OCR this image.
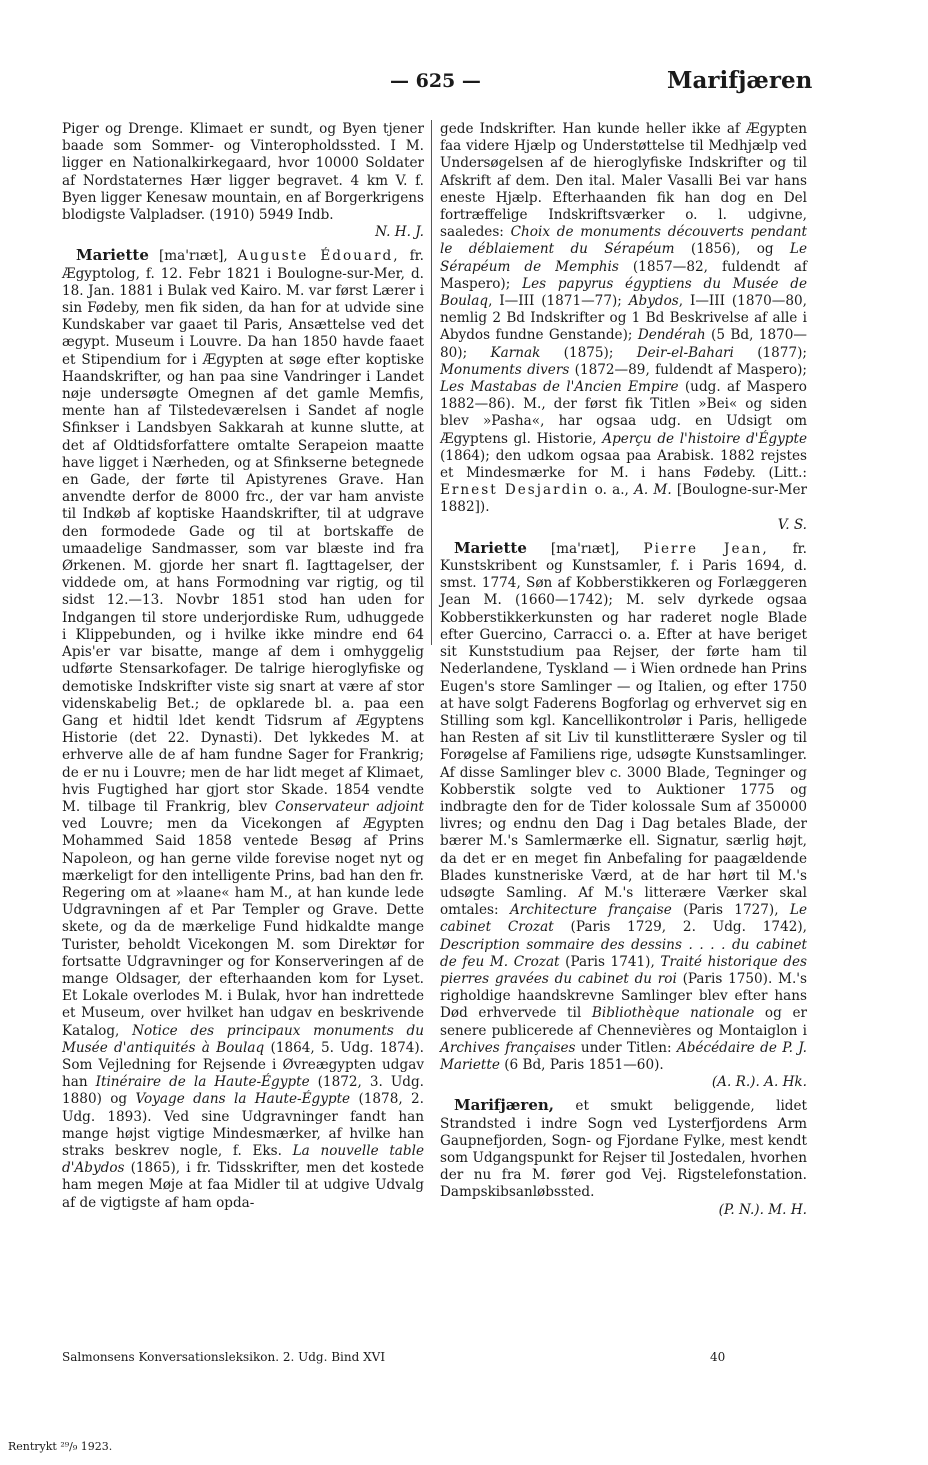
— 625 —	Marifjæren

Piger og Drenge. Klimaet er sundt, og Byen tjener baade som Sommer- og Vinteropholdssted. I M. ligger en Nationalkirkegaard, hvor 10000 Soldater af Nordstaternes Hær ligger begravet. 4 km V. f. Byen ligger Kenesaw mountain, en af Borgerkrigens blodigste Valpladser. (1910) 5949 Indb.

N. H. J.

Mariette [ma'rıæt], Auguste Édouard, fr. Ægyptolog, f. 12. Febr 1821 i Boulogne-sur-Mer, d. 18. Jan. 1881 i Bulak ved Kairo. M. var først Lærer i sin Fødeby, men fik siden, da han for at udvide sine Kundskaber var gaaet til Paris, Ansættelse ved det ægypt. Museum i Louvre. Da han 1850 havde faaet et Stipendium for i Ægypten at søge efter koptiske Haandskrifter, og han paa sine Vandringer i Landet nøje undersøgte Omegnen af det gamle Memfis, mente han af Tilstedeværelsen i Sandet af nogle Sfinkser i Landsbyen Sakkarah at kunne slutte, at det af Oldtidsforfattere omtalte Serapeion maatte have ligget i Nærheden, og at Sfinkserne betegnede en Gade, der førte til Apistyrenes Grave. Han anvendte derfor de 8000 frc., der var ham anviste til Indkøb af koptiske Haandskrifter, til at udgrave den formodede Gade og til at bortskaffe de umaadelige Sandmasser, som var blæste ind fra Ørkenen. M. gjorde her snart fl. Iagttagelser, der viddede om, at hans Formodning var rigtig, og til sidst 12.—13. Novbr 1851 stod han uden for Indgangen til store underjordiske Rum, udhuggede i Klippebunden, og i hvilke ikke mindre end 64 Apis'er var bisatte, mange af dem i omhyggelig udførte Stensarkofager. De talrige hieroglyfiske og demotiske Indskrifter viste sig snart at være af stor videnskabelig Bet.; de opklarede bl. a. paa een Gang et hidtil ldet kendt Tidsrum af Ægyptens Historie (det 22. Dynasti). Det lykkedes M. at erhverve alle de af ham fundne Sager for Frankrig; de er nu i Louvre; men de har lidt meget af Klimaet, hvis Fugtighed har gjort stor Skade. 1854 vendte M. tilbage til Frankrig, blev Conservateur adjoint ved Louvre; men da Vicekongen af Ægypten Mohammed Said 1858 ventede Besøg af Prins Napoleon, og han gerne vilde forevise noget nyt og mærkeligt for den intelligente Prins, bad han den fr. Regering om at »laane« ham M., at han kunde lede Udgravningen af et Par Templer og Grave. Dette skete, og da de mærkelige Fund hidkaldte mange Turister, beholdt Vicekongen M. som Direktør for fortsatte Udgravninger og for Konserveringen af de mange Oldsager, der efterhaanden kom for Lyset. Et Lokale overlodes M. i Bulak, hvor han indrettede et Museum, over hvilket han udgav en beskrivende Katalog, Notice des principaux monuments du Musée d'antiquités à Boulaq (1864, 5. Udg. 1874). Som Vejledning for Rejsende i Øvreægypten udgav han Itinéraire de la Haute-Égypte (1872, 3. Udg. 1880) og Voyage dans la Haute-Égypte (1878, 2. Udg. 1893). Ved sine Udgravninger fandt han mange højst vigtige Mindesmærker, af hvilke han straks beskrev nogle, f. Eks. La nouvelle table d'Abydos (1865), i fr. Tidsskrifter, men det kostede ham megen Møje at faa Midler til at udgive Udvalg af de vigtigste af ham opda-

gede Indskrifter. Han kunde heller ikke af Ægypten faa videre Hjælp og Understøttelse til Medhjælp ved Undersøgelsen af de hieroglyfiske Indskrifter og til Afskrift af dem. Den ital. Maler Vasalli Bei var hans eneste Hjælp. Efterhaanden fik han dog en Del fortræffelige Indskriftsværker o. l. udgivne, saaledes: Choix de monuments découverts pendant le déblaiement du Sérapéum (1856), og Le Sérapéum de Memphis (1857—82, fuldendt af Maspero); Les papyrus égyptiens du Musée de Boulaq, I—III (1871—77); Abydos, I—III (1870—80, nemlig 2 Bd Indskrifter og 1 Bd Beskrivelse af alle i Abydos fundne Genstande); Dendérah (5 Bd, 1870—80); Karnak (1875); Deir-el-Bahari (1877); Monuments divers (1872—89, fuldendt af Maspero); Les Mastabas de l'Ancien Empire (udg. af Maspero 1882—86). M., der først fik Titlen »Bei« og siden blev »Pasha«, har ogsaa udg. en Udsigt om Ægyptens gl. Historie, Aperçu de l'histoire d'Égypte (1864); den udkom ogsaa paa Arabisk. 1882 rejstes et Mindesmærke for M. i hans Fødeby. (Litt.: Ernest Desjardin o. a., A. M. [Boulogne-sur-Mer 1882]).

V. S.

Mariette [ma'rıæt], Pierre Jean, fr. Kunstskribent og Kunstsamler, f. i Paris 1694, d. smst. 1774, Søn af Kobberstikkeren og Forlæggeren Jean M. (1660—1742); M. selv dyrkede ogsaa Kobberstikkerkunsten og har raderet nogle Blade efter Guercino, Carracci o. a. Efter at have beriget sit Kunststudium paa Rejser, der førte ham til Nederlandene, Tyskland — i Wien ordnede han Prins Eugen's store Samlinger — og Italien, og efter 1750 at have solgt Faderens Bogforlag og erhvervet sig en Stilling som kgl. Kancellikontrolør i Paris, helligede han Resten af sit Liv til kunstlitterære Sysler og til Forøgelse af Familiens rige, udsøgte Kunstsamlinger. Af disse Samlinger blev c. 3000 Blade, Tegninger og Kobberstik solgte ved to Auktioner 1775 og indbragte den for de Tider kolossale Sum af 350000 livres; og endnu den Dag i Dag betales Blade, der bærer M.'s Samlermærke ell. Signatur, særlig højt, da det er en meget fin Anbefaling for paagældende Blades kunstneriske Værd, at de har hørt til M.'s udsøgte Samling. Af M.'s litterære Værker skal omtales: Architecture française (Paris 1727), Le cabinet Crozat (Paris 1729, 2. Udg. 1742), Description sommaire des dessins . . . . du cabinet de feu M. Crozat (Paris 1741), Traité historique des pierres gravées du cabinet du roi (Paris 1750). M.'s righoldige haandskrevne Samlinger blev efter hans Død erhvervede til Bibliothèque nationale og er senere publicerede af Chennevières og Montaiglon i Archives françaises under Titlen: Abécédaire de P. J. Mariette (6 Bd, Paris 1851—60).

(A. R.). A. Hk.

Marifjæren, et smukt beliggende, lidet Strandsted i indre Sogn ved Lysterfjordens Arm Gaupnefjorden, Sogn- og Fjordane Fylke, mest kendt som Udgangspunkt for Rejser til Jostedalen, hvorhen der nu fra M. fører god Vej. Rigstelefonstation. Dampskibsanløbssted.

(P. N.). M. H.

Salmonsens Konversationsleksikon. 2. Udg. Bind XVI	40
Rentrykt ²⁹/₉ 1923.
